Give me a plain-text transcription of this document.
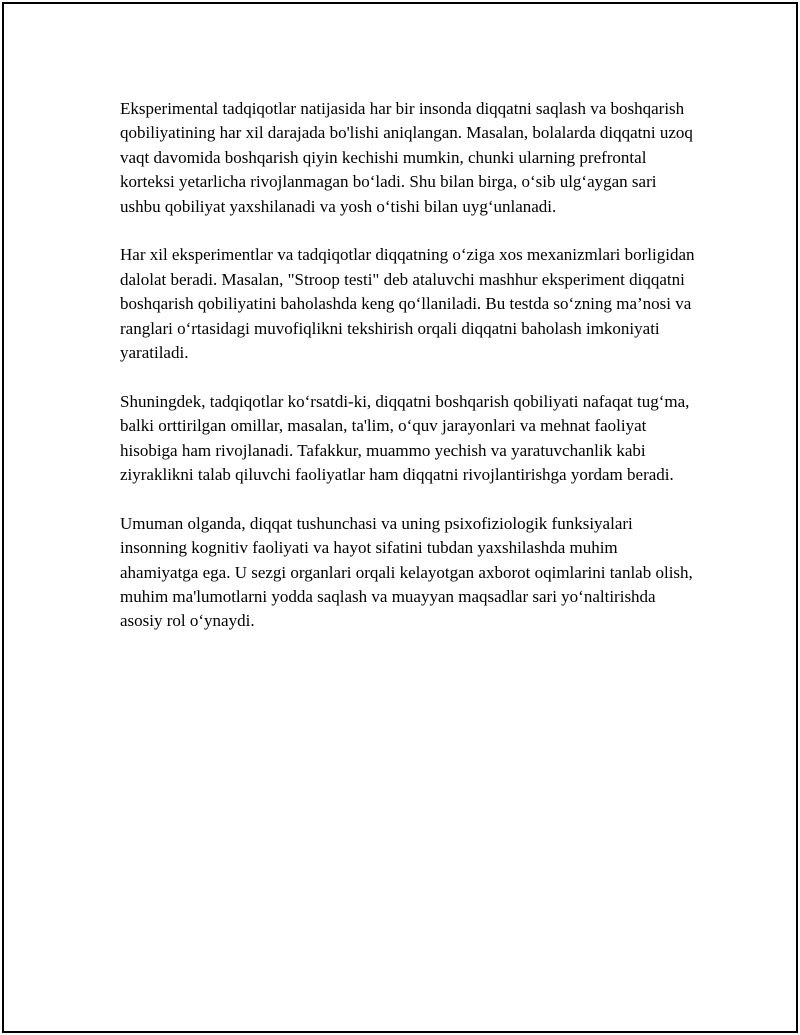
Eksperimental tadqiqotlar natijasida har bir insonda diqqatni saqlash va boshqarish qobiliyatining har xil darajada bo'lishi aniqlangan. Masalan, bolalarda diqqatni uzoq vaqt davomida boshqarish qiyin kechishi mumkin, chunki ularning prefrontal korteksi yetarlicha rivojlanmagan bo‘ladi. Shu bilan birga, o‘sib ulg‘aygan sari ushbu qobiliyat yaxshilanadi va yosh o‘tishi bilan uyg‘unlanadi.

Har xil eksperimentlar va tadqiqotlar diqqatning o‘ziga xos mexanizmlari borligidan dalolat beradi. Masalan, "Stroop testi" deb ataluvchi mashhur eksperiment diqqatni boshqarish qobiliyatini baholashda keng qo‘llaniladi. Bu testda so‘zning ma’nosi va ranglari o‘rtasidagi muvofiqlikni tekshirish orqali diqqatni baholash imkoniyati yaratiladi.

Shuningdek, tadqiqotlar ko‘rsatdi-ki, diqqatni boshqarish qobiliyati nafaqat tug‘ma, balki orttirilgan omillar, masalan, ta'lim, o‘quv jarayonlari va mehnat faoliyat hisobiga ham rivojlanadi. Tafakkur, muammo yechish va yaratuvchanlik kabi ziyraklikni talab qiluvchi faoliyatlar ham diqqatni rivojlantirishga yordam beradi.

Umuman olganda, diqqat tushunchasi va uning psixofiziologik funksiyalari insonning kognitiv faoliyati va hayot sifatini tubdan yaxshilashda muhim ahamiyatga ega. U sezgi organlari orqali kelayotgan axborot oqimlarini tanlab olish, muhim ma'lumotlarni yodda saqlash va muayyan maqsadlar sari yo‘naltirishda asosiy rol o‘ynaydi.
